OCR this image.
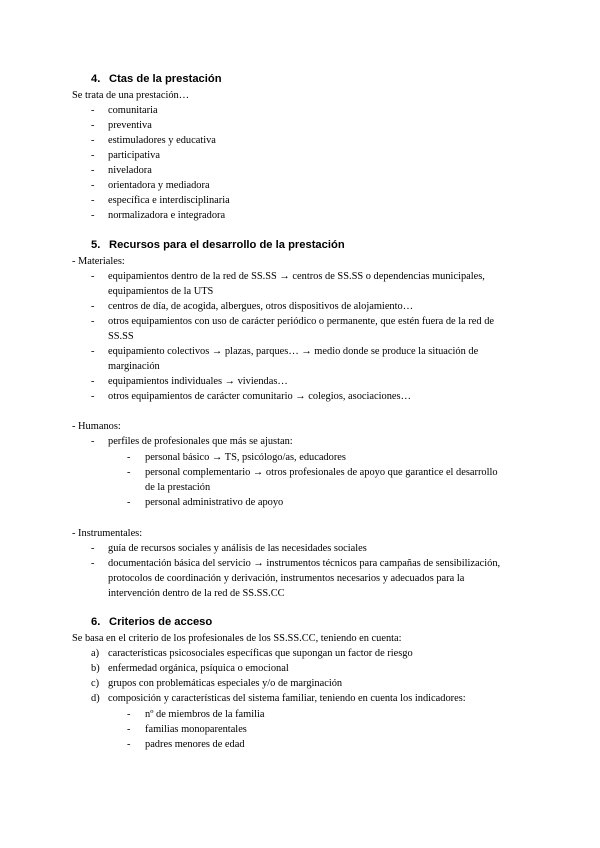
4. Ctas de la prestación
Se trata de una prestación…
- comunitaria
- preventiva
- estimuladores y educativa
- participativa
- niveladora
- orientadora y mediadora
- específica e interdisciplinaria
- normalizadora e integradora
5. Recursos para el desarrollo de la prestación
- Materiales:
- equipamientos dentro de la red de SS.SS → centros de SS.SS o dependencias municipales,
equipamientos de la UTS
- centros de día, de acogida, albergues, otros dispositivos de alojamiento…
- otros equipamientos con uso de carácter periódico o permanente, que estén fuera de la red de
SS.SS
- equipamiento colectivos → plazas, parques… → medio donde se produce la situación de
marginación
- equipamientos individuales → viviendas…
- otros equipamientos de carácter comunitario → colegios, asociaciones…
- Humanos:
- perfiles de profesionales que más se ajustan:
- personal básico → TS, psicólogo/as, educadores
- personal complementario → otros profesionales de apoyo que garantice el desarrollo
de la prestación
- personal administrativo de apoyo
- Instrumentales:
- guía de recursos sociales y análisis de las necesidades sociales
- documentación básica del servicio → instrumentos técnicos para campañas de sensibilización,
protocolos de coordinación y derivación, instrumentos necesarios y adecuados para la
intervención dentro de la red de SS.SS.CC
6. Criterios de acceso
Se basa en el criterio de los profesionales de los SS.SS.CC, teniendo en cuenta:
a) características psicosociales específicas que supongan un factor de riesgo
b) enfermedad orgánica, psíquica o emocional
c) grupos con problemáticas especiales y/o de marginación
d) composición y características del sistema familiar, teniendo en cuenta los indicadores:
- nº de miembros de la familia
- familias monoparentales
- padres menores de edad
